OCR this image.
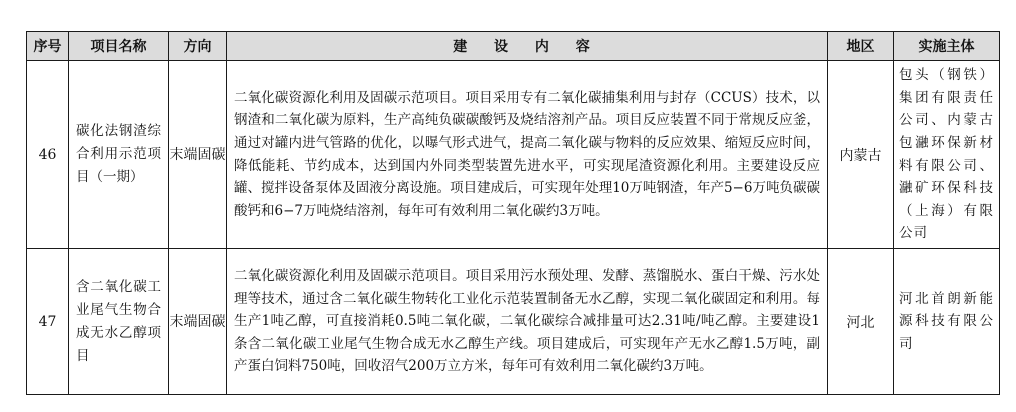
序号	项目名称	方向	建 设 内 容	地区	实施主体
46	碳化法钢渣综合利用示范项目（一期）	末端固碳	二氧化碳资源化利用及固碳示范项目。项目采用专有二氧化碳捕集利用与封存（CCUS）技术，以钢渣和二氧化碳为原料，生产高纯负碳碳酸钙及烧结溶剂产品。项目反应装置不同于常规反应釜，通过对罐内进气管路的优化，以曝气形式进气，提高二氧化碳与物料的反应效果、缩短反应时间，降低能耗、节约成本，达到国内外同类型装置先进水平，可实现尾渣资源化利用。主要建设反应罐、搅拌设备泵体及固液分离设施。项目建成后，可实现年处理10万吨钢渣，年产5−6万吨负碳碳酸钙和6−7万吨烧结溶剂，每年可有效利用二氧化碳约3万吨。	内蒙古	包头（钢铁）集团有限责任公司、内蒙古包瀜环保新材料有限公司、瀜矿环保科技（上海）有限公司
47	含二氧化碳工业尾气生物合成无水乙醇项目	末端固碳	二氧化碳资源化利用及固碳示范项目。项目采用污水预处理、发酵、蒸馏脱水、蛋白干燥、污水处理等技术，通过含二氧化碳生物转化工业化示范装置制备无水乙醇，实现二氧化碳固定和利用。每生产1吨乙醇，可直接消耗0.5吨二氧化碳，二氧化碳综合减排量可达2.31吨/吨乙醇。主要建设1条含二氧化碳工业尾气生物合成无水乙醇生产线。项目建成后，可实现年产无水乙醇1.5万吨，副产蛋白饲料750吨，回收沼气200万立方米，每年可有效利用二氧化碳约3万吨。	河北	河北首朗新能源科技有限公司
